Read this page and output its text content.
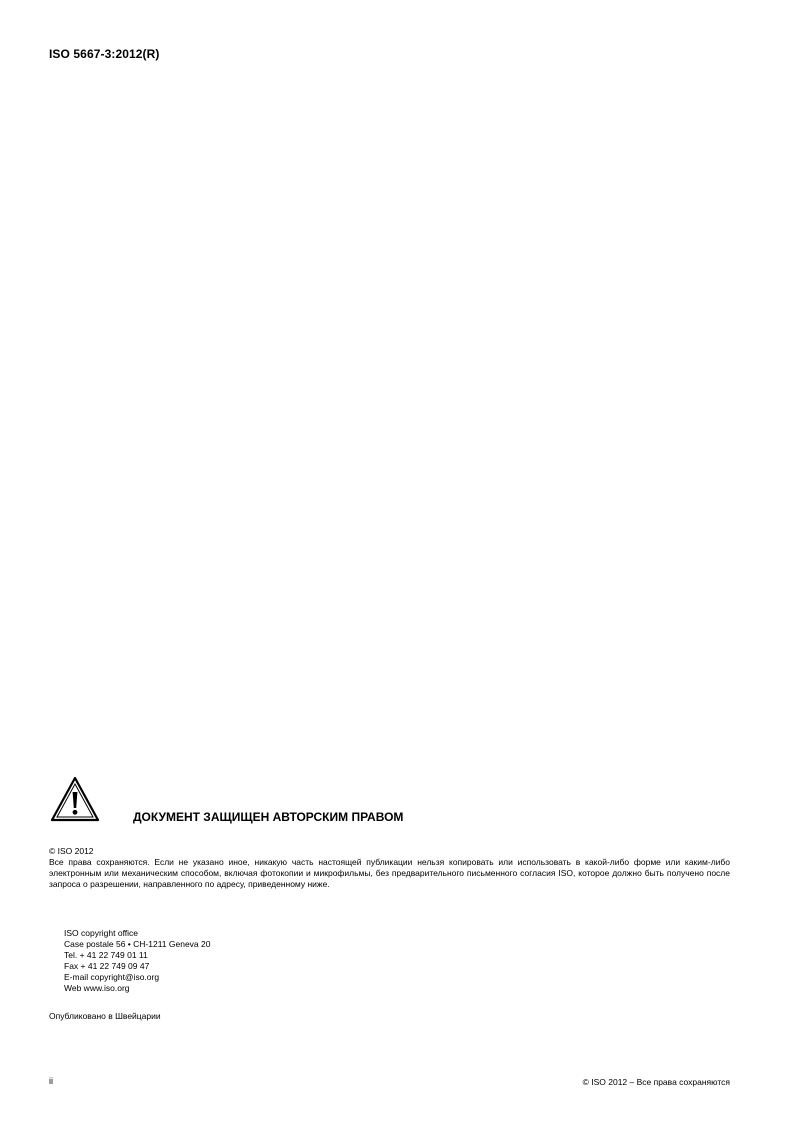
ISO 5667-3:2012(R)
ДОКУМЕНТ ЗАЩИЩЕН АВТОРСКИМ ПРАВОМ
© ISO 2012
Все права сохраняются. Если не указано иное, никакую часть настоящей публикации нельзя копировать или использовать в какой-либо форме или каким-либо электронным или механическим способом, включая фотокопии и микрофильмы, без предварительного письменного согласия ISO, которое должно быть получено после запроса о разрешении, направленного по адресу, приведенному ниже.
ISO copyright office
Case postale 56 • CH-1211 Geneva 20
Tel. + 41 22 749 01 11
Fax + 41 22 749 09 47
E-mail copyright@iso.org
Web www.iso.org
Опубликовано в Швейцарии
ii	© ISO 2012 – Все права сохраняются
